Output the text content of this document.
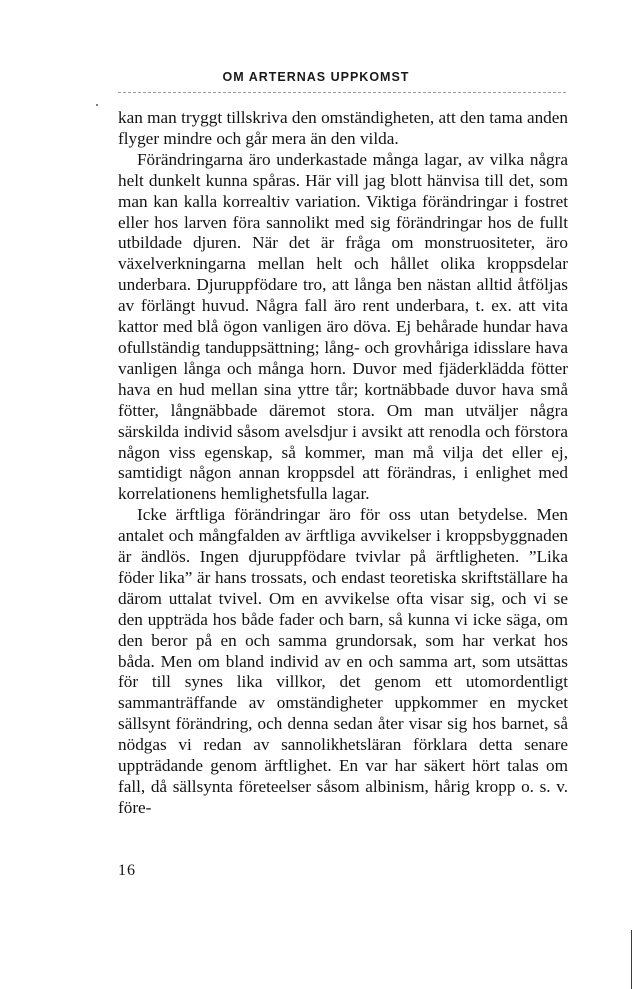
OM ARTERNAS UPPKOMST

kan man tryggt tillskriva den omständigheten, att den tama anden flyger mindre och går mera än den vilda.

Förändringarna äro underkastade många lagar, av vilka några helt dunkelt kunna spåras. Här vill jag blott hänvisa till det, som man kan kalla korrealtiv variation. Viktiga förändringar i fostret eller hos larven föra sannolikt med sig förändringar hos de fullt utbildade djuren. När det är fråga om monstruositeter, äro växelverkningarna mellan helt och hållet olika kroppsdelar underbara. Djuruppfödare tro, att långa ben nästan alltid åtföljas av förlängt huvud. Några fall äro rent underbara, t. ex. att vita kattor med blå ögon vanligen äro döva. Ej behårade hundar hava ofullständig tanduppsättning; lång- och grovhåriga idisslare hava vanligen långa och många horn. Duvor med fjäderklädda fötter hava en hud mellan sina yttre tår; kortnäbbade duvor hava små fötter, långnäbbade däremot stora. Om man utväljer några särskilda individ såsom avelsdjur i avsikt att renodla och förstora någon viss egenskap, så kommer, man må vilja det eller ej, samtidigt någon annan kroppsdel att förändras, i enlighet med korrelationens hemlighetsfulla lagar.

Icke ärftliga förändringar äro för oss utan betydelse. Men antalet och mångfalden av ärftliga avvikelser i kroppsbyggnaden är ändlös. Ingen djuruppfödare tvivlar på ärftligheten. ”Lika föder lika” är hans trossats, och endast teoretiska skriftställare ha därom uttalat tvivel. Om en avvikelse ofta visar sig, och vi se den uppträda hos både fader och barn, så kunna vi icke säga, om den beror på en och samma grundorsak, som har verkat hos båda. Men om bland individ av en och samma art, som utsättas för till synes lika villkor, det genom ett utomordentligt sammanträffande av omständigheter uppkommer en mycket sällsynt förändring, och denna sedan åter visar sig hos barnet, så nödgas vi redan av sannolikhetsläran förklara detta senare uppträdande genom ärftlighet. En var har säkert hört talas om fall, då sällsynta företeelser såsom albinism, hårig kropp o. s. v. före-

16
